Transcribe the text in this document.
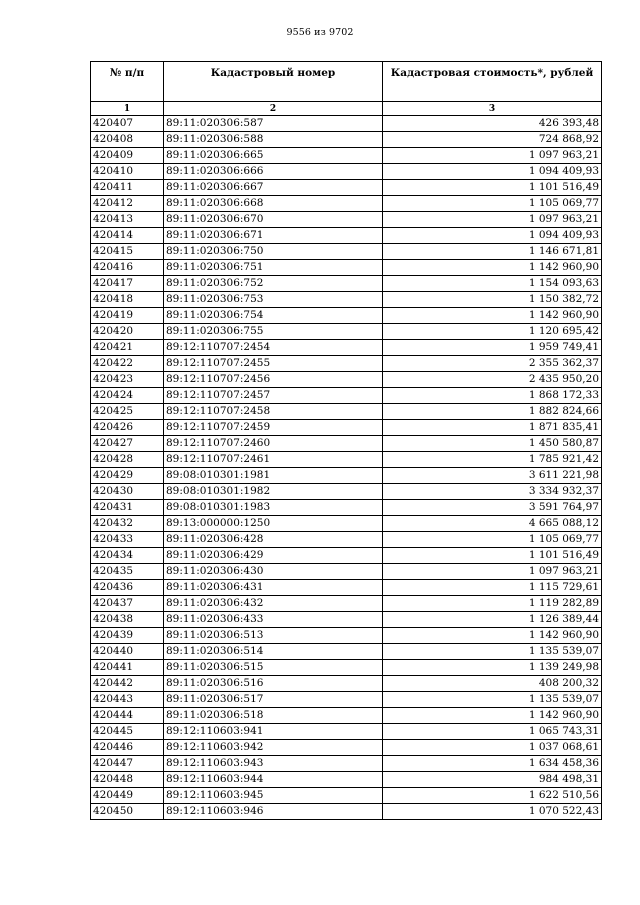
9556 из 9702
№ п/п	Кадастровый номер	Кадастровая стоимость*, рублей
1	2	3
420407	89:11:020306:587	426 393,48
420408	89:11:020306:588	724 868,92
420409	89:11:020306:665	1 097 963,21
420410	89:11:020306:666	1 094 409,93
420411	89:11:020306:667	1 101 516,49
420412	89:11:020306:668	1 105 069,77
420413	89:11:020306:670	1 097 963,21
420414	89:11:020306:671	1 094 409,93
420415	89:11:020306:750	1 146 671,81
420416	89:11:020306:751	1 142 960,90
420417	89:11:020306:752	1 154 093,63
420418	89:11:020306:753	1 150 382,72
420419	89:11:020306:754	1 142 960,90
420420	89:11:020306:755	1 120 695,42
420421	89:12:110707:2454	1 959 749,41
420422	89:12:110707:2455	2 355 362,37
420423	89:12:110707:2456	2 435 950,20
420424	89:12:110707:2457	1 868 172,33
420425	89:12:110707:2458	1 882 824,66
420426	89:12:110707:2459	1 871 835,41
420427	89:12:110707:2460	1 450 580,87
420428	89:12:110707:2461	1 785 921,42
420429	89:08:010301:1981	3 611 221,98
420430	89:08:010301:1982	3 334 932,37
420431	89:08:010301:1983	3 591 764,97
420432	89:13:000000:1250	4 665 088,12
420433	89:11:020306:428	1 105 069,77
420434	89:11:020306:429	1 101 516,49
420435	89:11:020306:430	1 097 963,21
420436	89:11:020306:431	1 115 729,61
420437	89:11:020306:432	1 119 282,89
420438	89:11:020306:433	1 126 389,44
420439	89:11:020306:513	1 142 960,90
420440	89:11:020306:514	1 135 539,07
420441	89:11:020306:515	1 139 249,98
420442	89:11:020306:516	408 200,32
420443	89:11:020306:517	1 135 539,07
420444	89:11:020306:518	1 142 960,90
420445	89:12:110603:941	1 065 743,31
420446	89:12:110603:942	1 037 068,61
420447	89:12:110603:943	1 634 458,36
420448	89:12:110603:944	984 498,31
420449	89:12:110603:945	1 622 510,56
420450	89:12:110603:946	1 070 522,43
